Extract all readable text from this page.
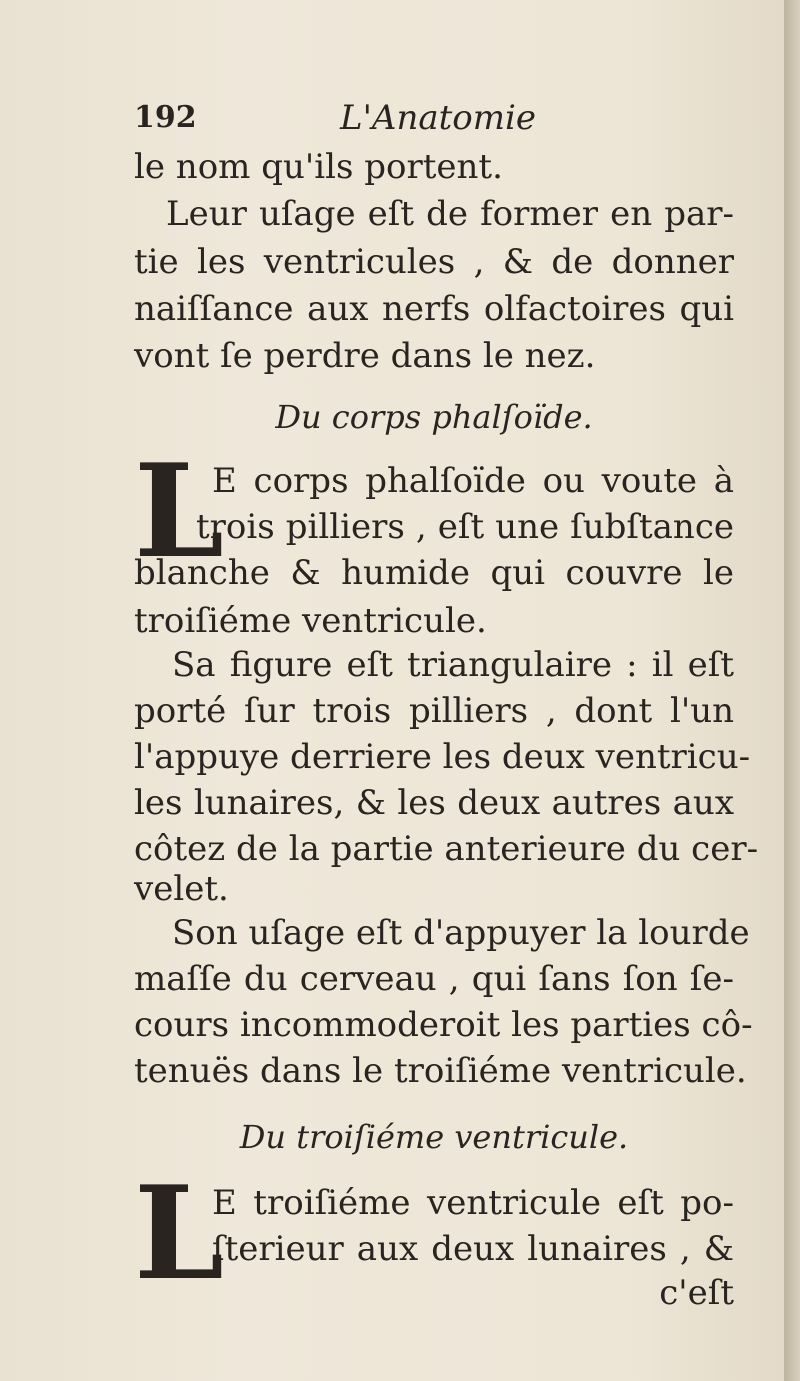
192	L'Anatomie
le nom qu'ils portent.
Leur uſage eſt de former en par-
tie les ventricules , & de donner
naiſſance aux nerfs olfactoires qui
vont ſe perdre dans le nez.
Du corps phalſoïde.
L
E corps phalſoïde ou voute à
trois pilliers , eſt une ſubſtance
blanche & humide qui couvre le
troiſiéme ventricule.
Sa figure eſt triangulaire : il eſt
porté ſur trois pilliers , dont l'un
l'appuye derriere les deux ventricu-
les lunaires, & les deux autres aux
côtez de la partie anterieure du cer-
velet.
Son uſage eſt d'appuyer la lourde
maſſe du cerveau , qui ſans ſon ſe-
cours incommoderoit les parties cô-
tenuës dans le troiſiéme ventricule.
Du troiſiéme ventricule.
L
E troiſiéme ventricule eſt po-
ſterieur aux deux lunaires , &
c'eſt
